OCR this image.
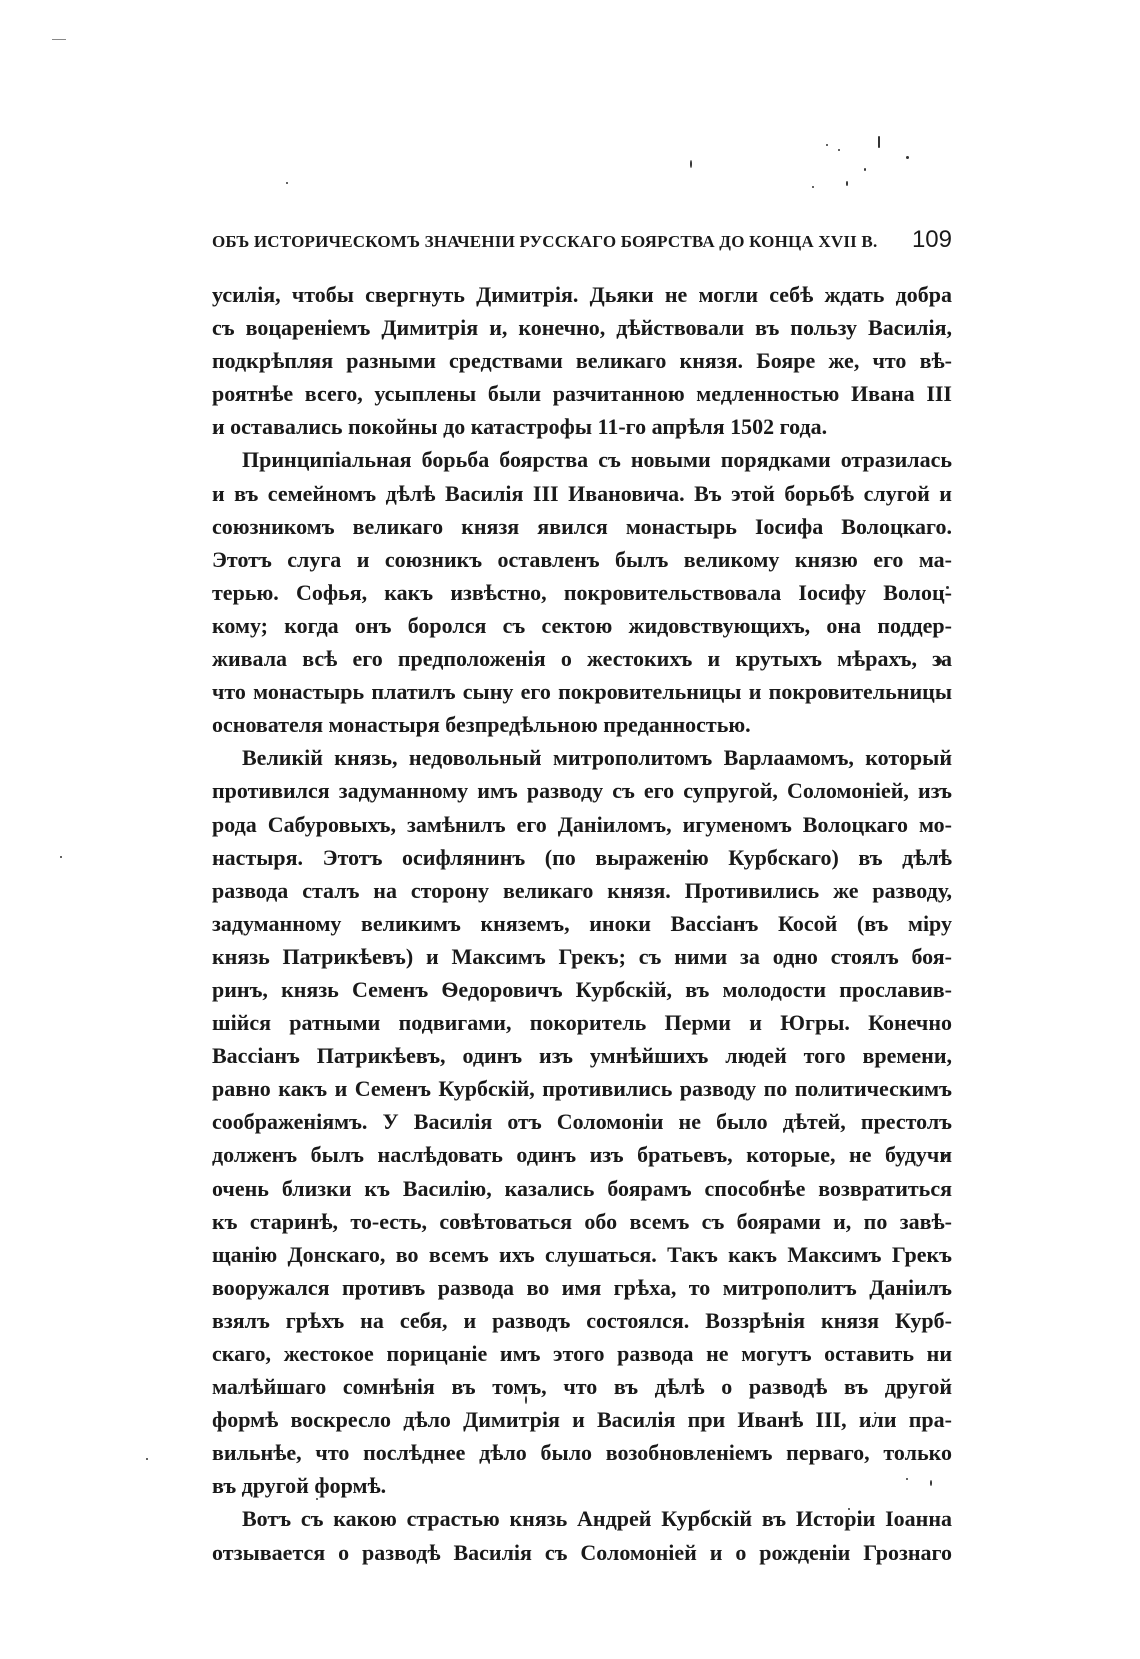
ОБЪ ИСТОРИЧЕСКОМЪ ЗНАЧЕНІИ РУССКАГО БОЯРСТВА ДО КОНЦА XVII В. 109
усилія, чтобы свергнуть Димитрія. Дьяки не могли себѣ ждать добра
съ воцареніемъ Димитрія и, конечно, дѣйствовали въ пользу Василія,
подкрѣпляя разными средствами великаго князя. Бояре же, что вѣ-
роятнѣе всего, усыплены были разчитанною медленностью Ивана III
и оставались покойны до катастрофы 11-го апрѣля 1502 года.
Принципіальная борьба боярства съ новыми порядками отразилась
и въ семейномъ дѣлѣ Василія III Ивановича. Въ этой борьбѣ слугой и
союзникомъ великаго князя явился монастырь Іосифа Волоцкаго.
Этотъ слуга и союзникъ оставленъ былъ великому князю его ма-
терью. Софья, какъ извѣстно, покровительствовала Іосифу Волоц-
кому; когда онъ боролся съ сектою жидовствующихъ, она поддер-
живала всѣ его предположенія о жестокихъ и крутыхъ мѣрахъ, за
что монастырь платилъ сыну его покровительницы и покровительницы
основателя монастыря безпредѣльною преданностью.
Великій князь, недовольный митрополитомъ Варлаамомъ, который
противился задуманному имъ разводу съ его супругой, Соломоніей, изъ
рода Сабуровыхъ, замѣнилъ его Даніиломъ, игуменомъ Волоцкаго мо-
настыря. Этотъ осифлянинъ (по выраженію Курбскаго) въ дѣлѣ
развода сталъ на сторону великаго князя. Противились же разводу,
задуманному великимъ княземъ, иноки Вассіанъ Косой (въ міру
князь Патрикѣевъ) и Максимъ Грекъ; съ ними за одно стоялъ боя-
ринъ, князь Семенъ Ѳедоровичъ Курбскій, въ молодости прославив-
шійся ратными подвигами, покоритель Перми и Югры. Конечно
Вассіанъ Патрикѣевъ, одинъ изъ умнѣйшихъ людей того времени,
равно какъ и Семенъ Курбскій, противились разводу по политическимъ
соображеніямъ. У Василія отъ Соломоніи не было дѣтей, престолъ
долженъ былъ наслѣдовать одинъ изъ братьевъ, которые, не будучи
очень близки къ Василію, казались боярамъ способнѣе возвратиться
къ старинѣ, то-есть, совѣтоваться обо всемъ съ боярами и, по завѣ-
щанію Донскаго, во всемъ ихъ слушаться. Такъ какъ Максимъ Грекъ
вооружался противъ развода во имя грѣха, то митрополитъ Даніилъ
взялъ грѣхъ на себя, и разводъ состоялся. Воззрѣнія князя Курб-
скаго, жестокое порицаніе имъ этого развода не могутъ оставить ни
малѣйшаго сомнѣнія въ томъ, что въ дѣлѣ о разводѣ въ другой
формѣ воскресло дѣло Димитрія и Василія при Иванѣ III, или пра-
вильнѣе, что послѣднее дѣло было возобновленіемъ перваго, только
въ другой формѣ.
Вотъ съ какою страстью князь Андрей Курбскій въ Исторіи Іоанна
отзывается о разводѣ Василія съ Соломоніей и о рожденіи Грознаго
